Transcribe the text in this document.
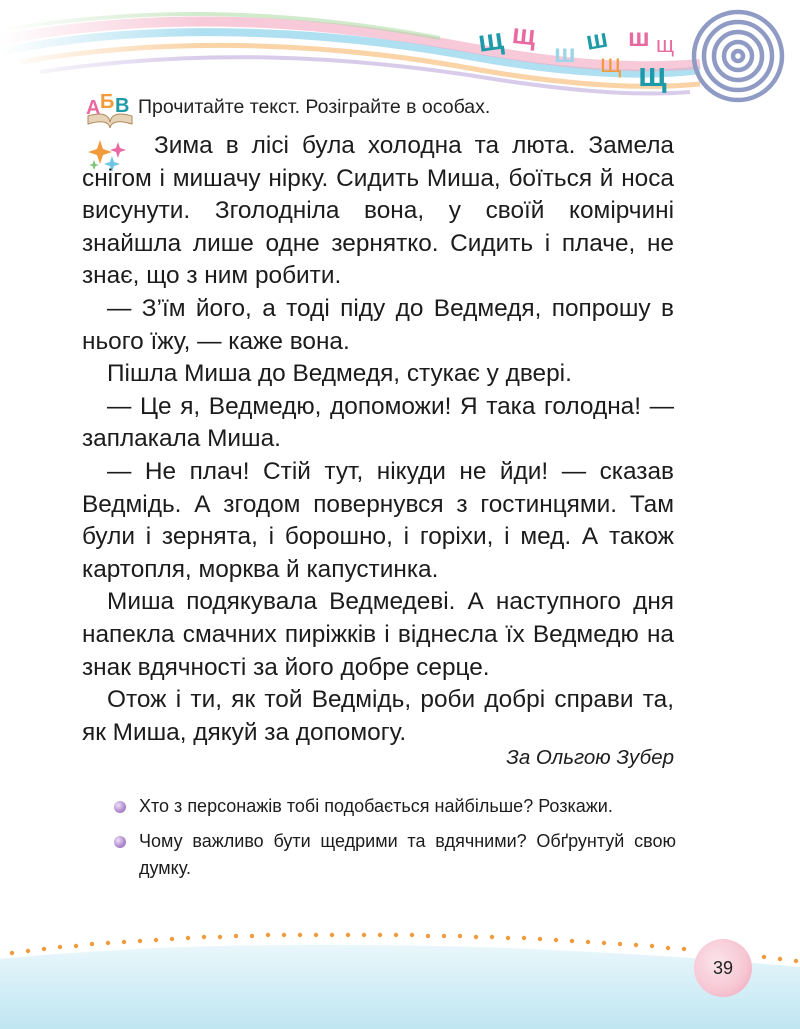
щ щ
ш ш
щ
ш щ
щ
А Б В Прочитайте текст. Розіграйте в особах.

Зима в лісі була холодна та люта. Замела снігом і мишачу нірку. Сидить Миша, боїться й носа висунути. Зголодніла вона, у своїй комірчині знайшла лише одне зернятко. Сидить і плаче, не знає, що з ним робити.

— З’їм його, а тоді піду до Ведмедя, попрошу в нього їжу, — каже вона.

Пішла Миша до Ведмедя, стукає у двері.

— Це я, Ведмедю, допоможи! Я така голодна! — заплакала Миша.

— Не плач! Стій тут, нікуди не йди! — сказав Ведмідь. А згодом повернувся з гостинцями. Там були і зернята, і борошно, і горіхи, і мед. А також картопля, морква й капустинка.

Миша подякувала Ведмедеві. А наступного дня напекла смачних пиріжків і віднесла їх Ведмедю на знак вдячності за його добре серце.

Отож і ти, як той Ведмідь, роби добрі справи та, як Миша, дякуй за допомогу.

За Ольгою Зубер
Хто з персонажів тобі подобається найбільше? Розкажи.
Чому важливо бути щедрими та вдячними? Обґрунтуй свою думку.
39
